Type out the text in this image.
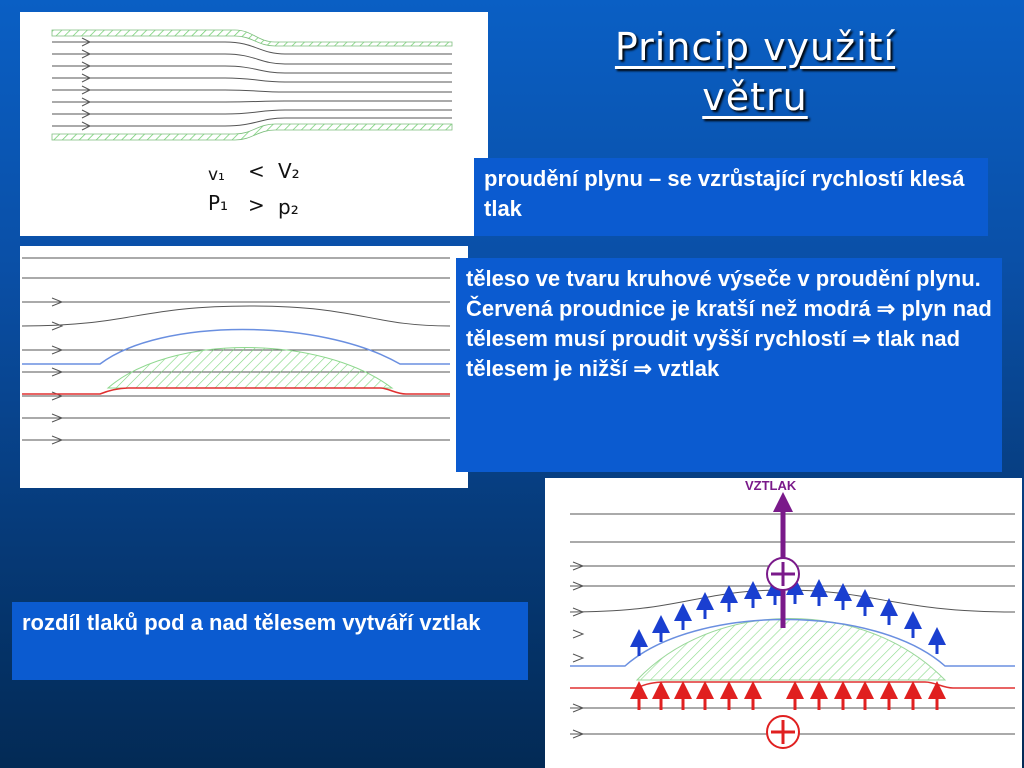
Princip využití
větru
v₁ < V₂
P₁ > p₂
proudění plynu – se vzrůstající rychlostí klesá tlak
těleso ve tvaru kruhové výseče v proudění plynu. Červená proudnice je kratší než modrá ⇒ plyn nad tělesem musí proudit vyšší rychlostí ⇒ tlak nad tělesem je nižší ⇒ vztlak
rozdíl tlaků pod a nad tělesem vytváří vztlak
VZTLAK
